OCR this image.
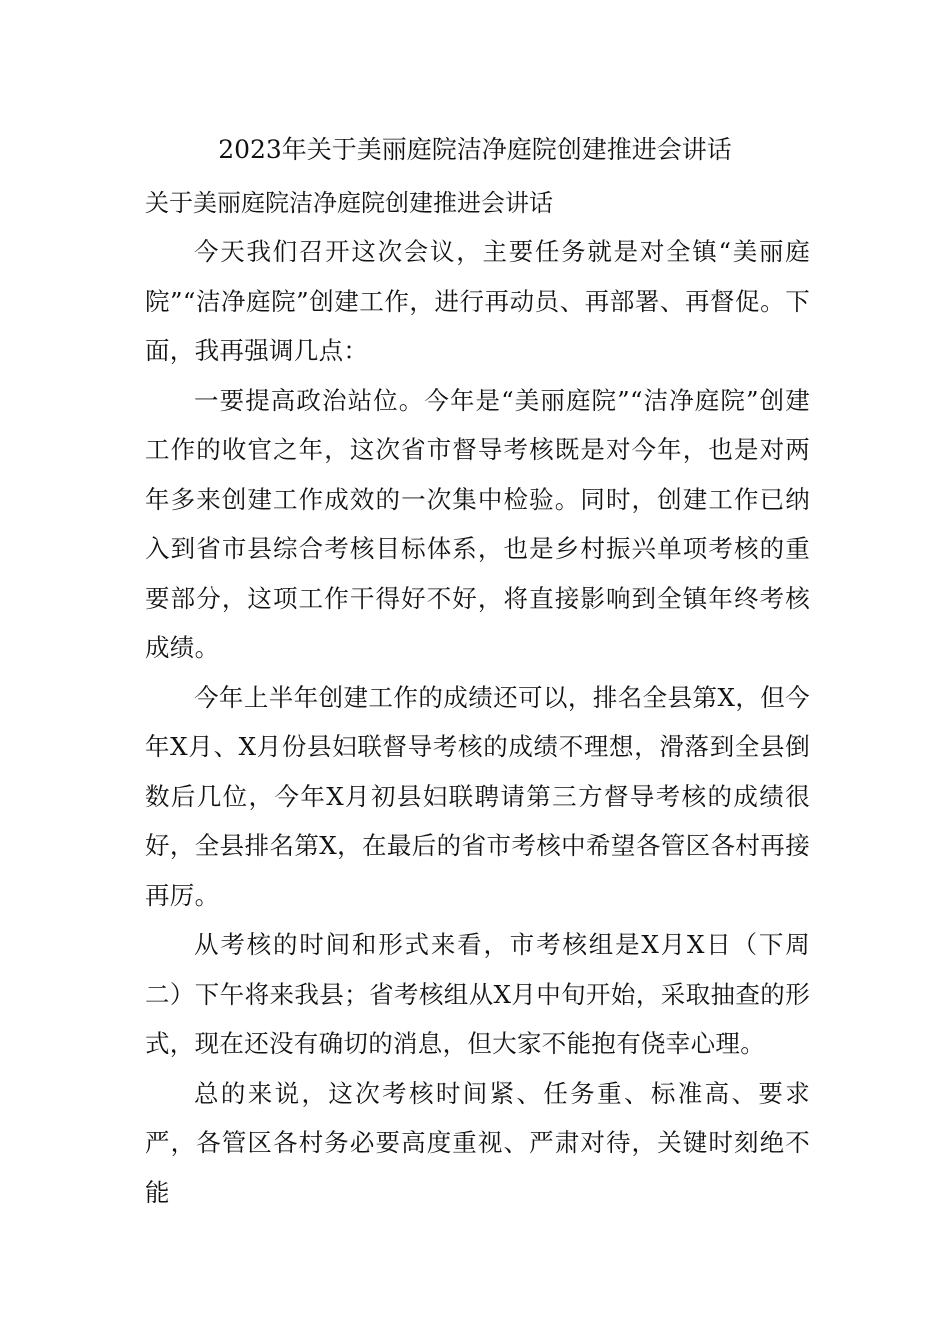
2023年关于美丽庭院洁净庭院创建推进会讲话
关于美丽庭院洁净庭院创建推进会讲话

今天我们召开这次会议，主要任务就是对全镇“美丽庭院”“洁净庭院”创建工作，进行再动员、再部署、再督促。下面，我再强调几点：

一要提高政治站位。今年是“美丽庭院”“洁净庭院”创建工作的收官之年，这次省市督导考核既是对今年，也是对两年多来创建工作成效的一次集中检验。同时，创建工作已纳入到省市县综合考核目标体系，也是乡村振兴单项考核的重要部分，这项工作干得好不好，将直接影响到全镇年终考核成绩。

今年上半年创建工作的成绩还可以，排名全县第X，但今年X月、X月份县妇联督导考核的成绩不理想，滑落到全县倒数后几位，今年X月初县妇联聘请第三方督导考核的成绩很好，全县排名第X，在最后的省市考核中希望各管区各村再接再厉。

从考核的时间和形式来看，市考核组是X月X日（下周二）下午将来我县；省考核组从X月中旬开始，采取抽查的形式，现在还没有确切的消息，但大家不能抱有侥幸心理。

总的来说，这次考核时间紧、任务重、标准高、要求严，各管区各村务必要高度重视、严肃对待，关键时刻绝不能
